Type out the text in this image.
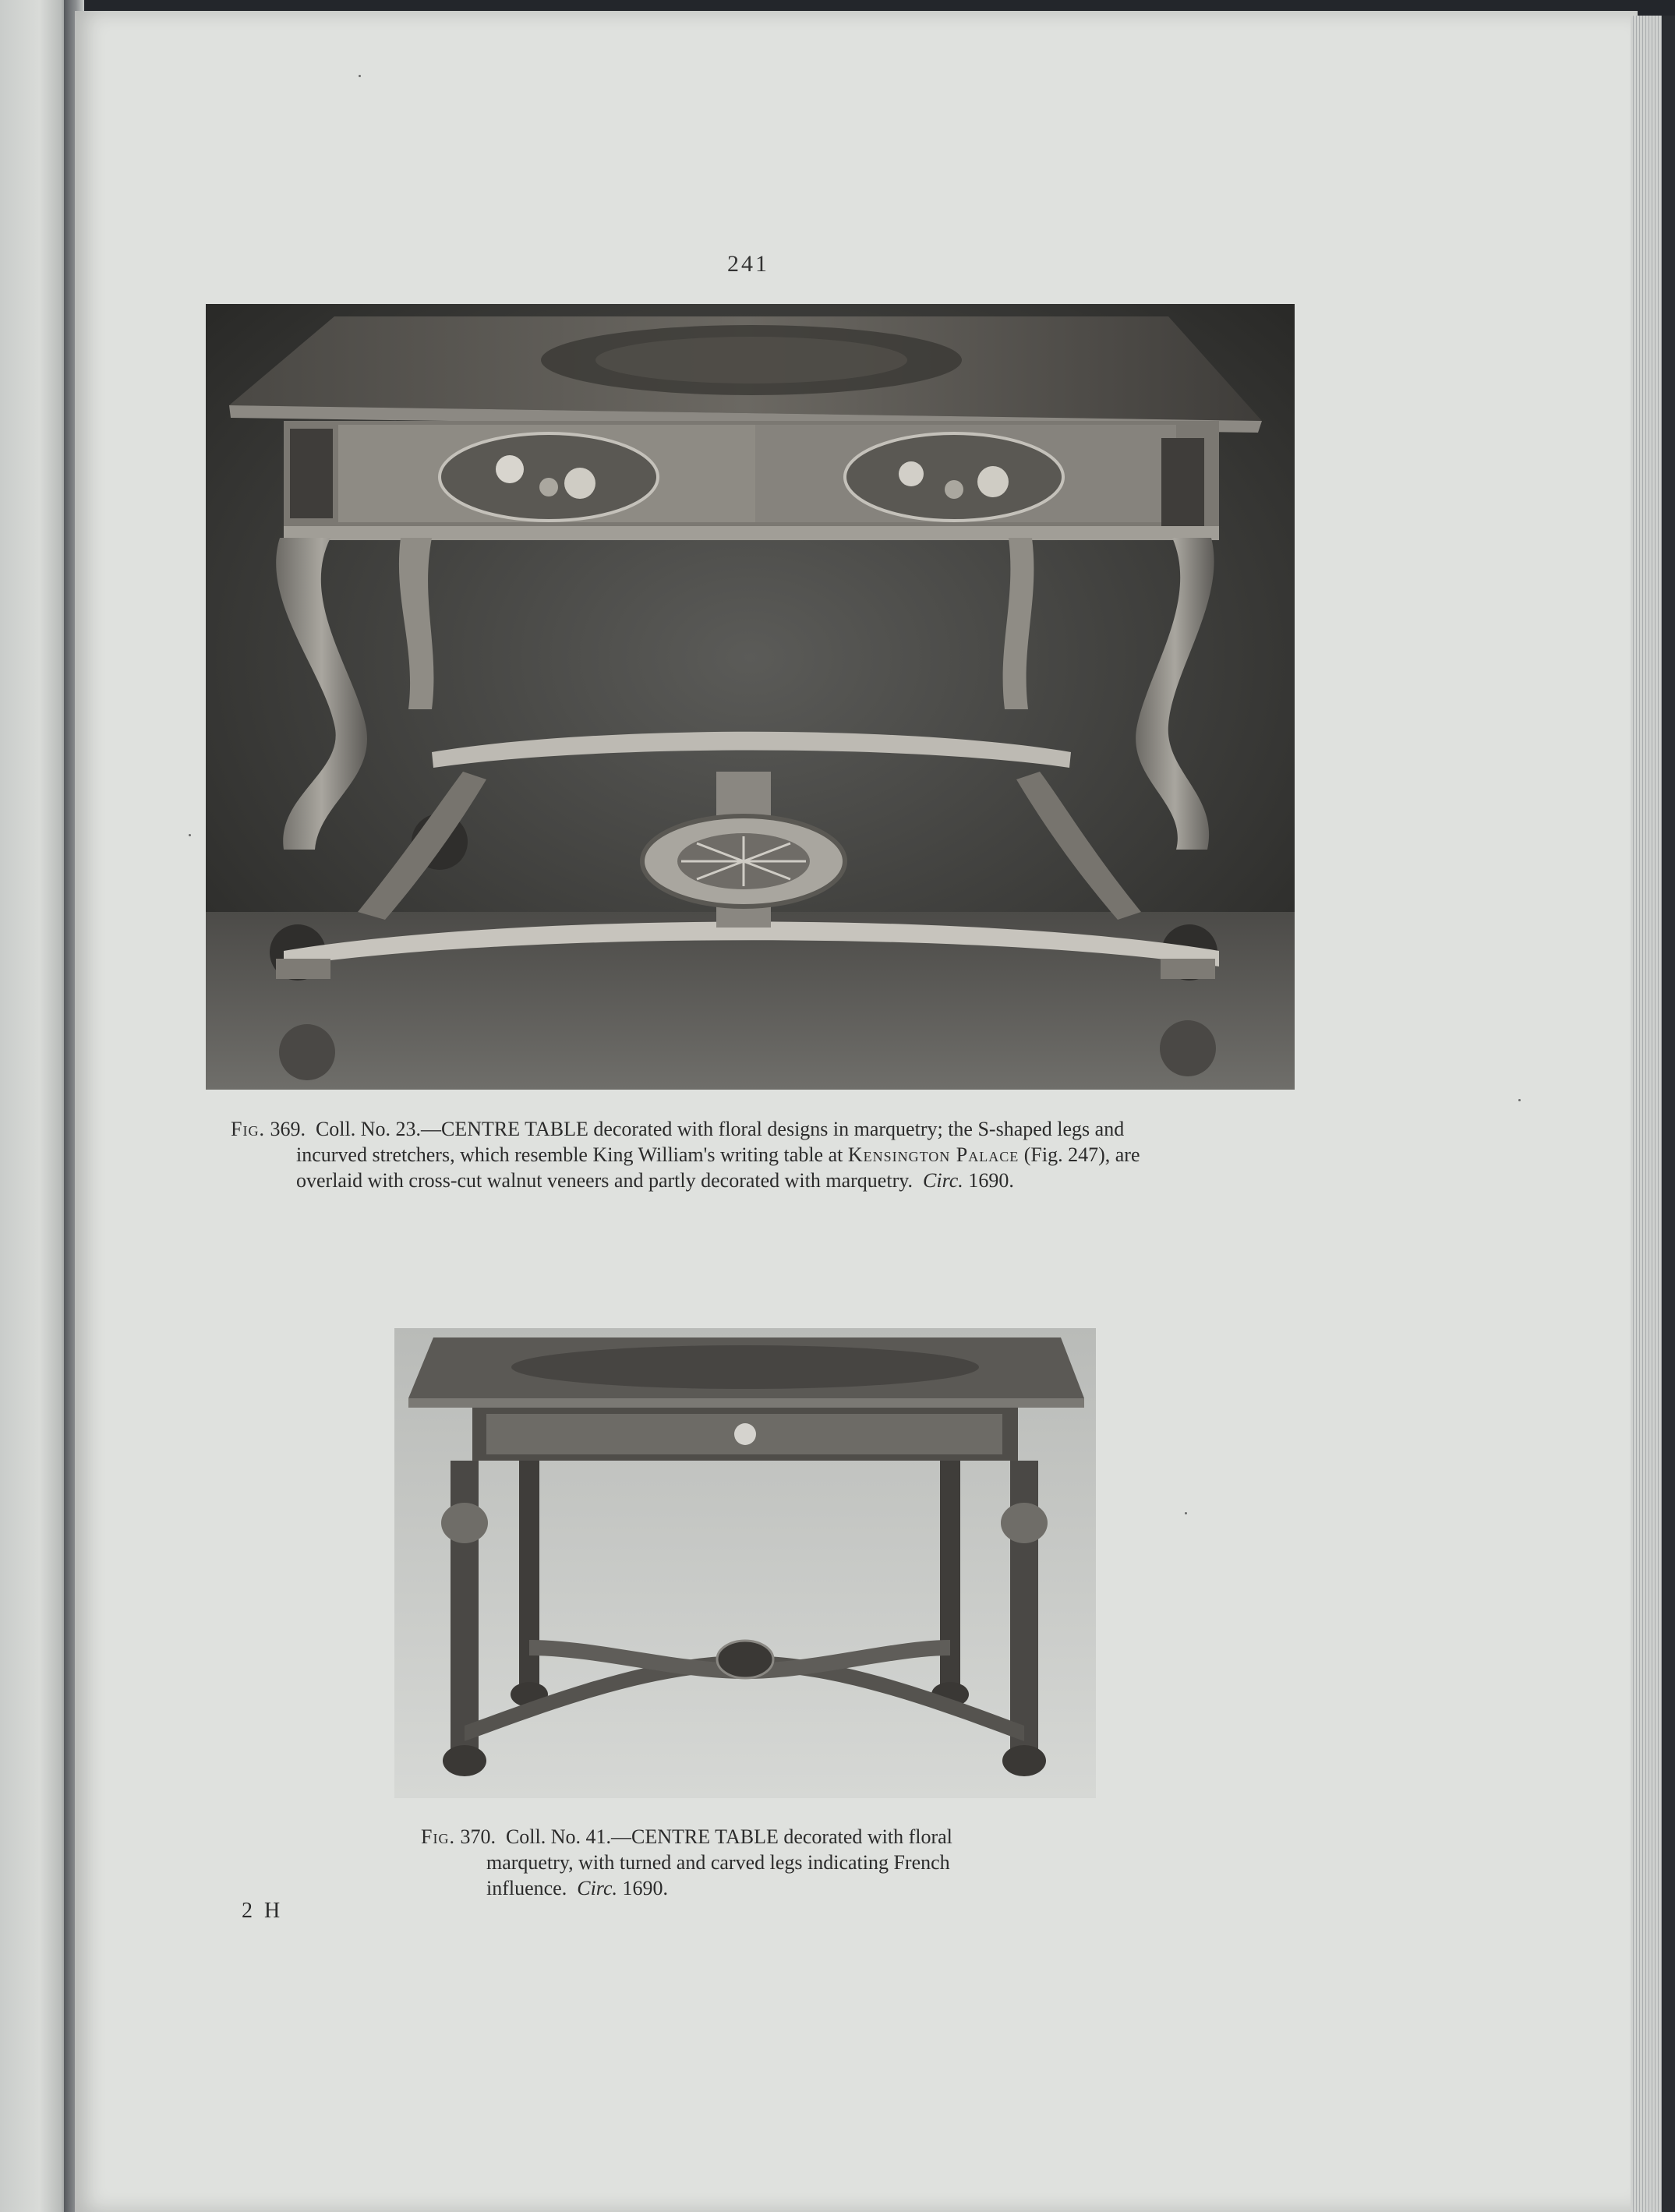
241
Fig. 369. Coll. No. 23.—CENTRE TABLE decorated with floral designs in marquetry; the S-shaped legs and
incurved stretchers, which resemble King William's writing table at Kensington Palace (Fig. 247), are
overlaid with cross-cut walnut veneers and partly decorated with marquetry. Circ. 1690.
Fig. 370. Coll. No. 41.—CENTRE TABLE decorated with floral
marquetry, with turned and carved legs indicating French
influence. Circ. 1690.
2 H
